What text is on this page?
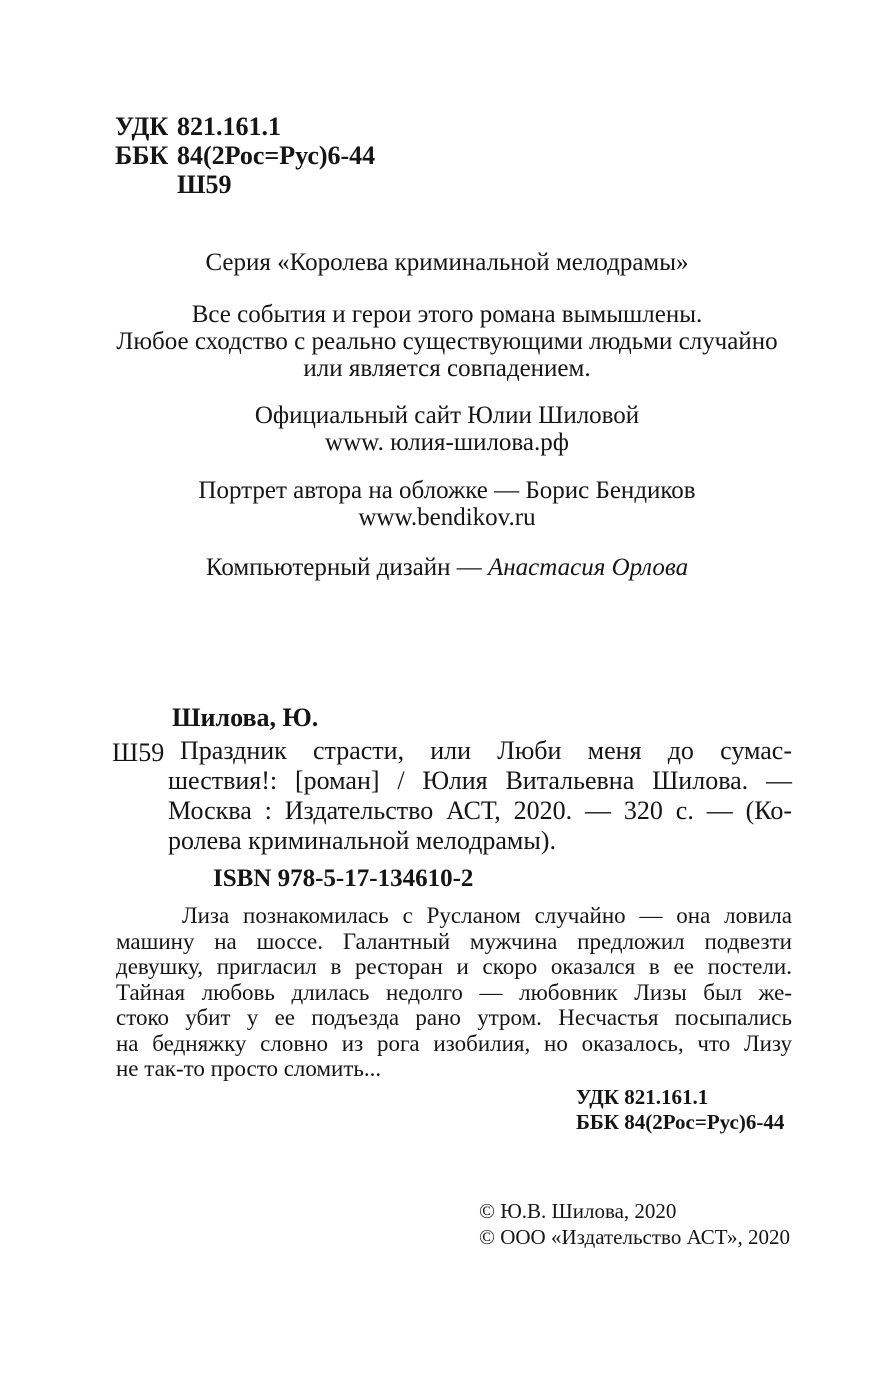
УДК 821.161.1
ББК 84(2Рос=Рус)6-44
Ш59
Серия «Королева криминальной мелодрамы»
Все события и герои этого романа вымышлены.
Любое сходство с реально существующими людьми случайно
или является совпадением.
Официальный сайт Юлии Шиловой
www. юлия-шилова.рф
Портрет автора на обложке — Борис Бендиков
www.bendikov.ru
Компьютерный дизайн — Анастасия Орлова
Шилова, Ю.
Ш59 Праздник страсти, или Люби меня до сумас-
шествия!: [роман] / Юлия Витальевна Шилова. —
Москва : Издательство АСТ, 2020. — 320 с. — (Ко-
ролева криминальной мелодрамы).
ISBN 978-5-17-134610-2
Лиза познакомилась с Русланом случайно — она ловила
машину на шоссе. Галантный мужчина предложил подвезти
девушку, пригласил в ресторан и скоро оказался в ее постели.
Тайная любовь длилась недолго — любовник Лизы был же-
стоко убит у ее подъезда рано утром. Несчастья посыпались
на бедняжку словно из рога изобилия, но оказалось, что Лизу
не так-то просто сломить...
УДК 821.161.1
ББК 84(2Рос=Рус)6-44
© Ю.В. Шилова, 2020
© ООО «Издательство АСТ», 2020
